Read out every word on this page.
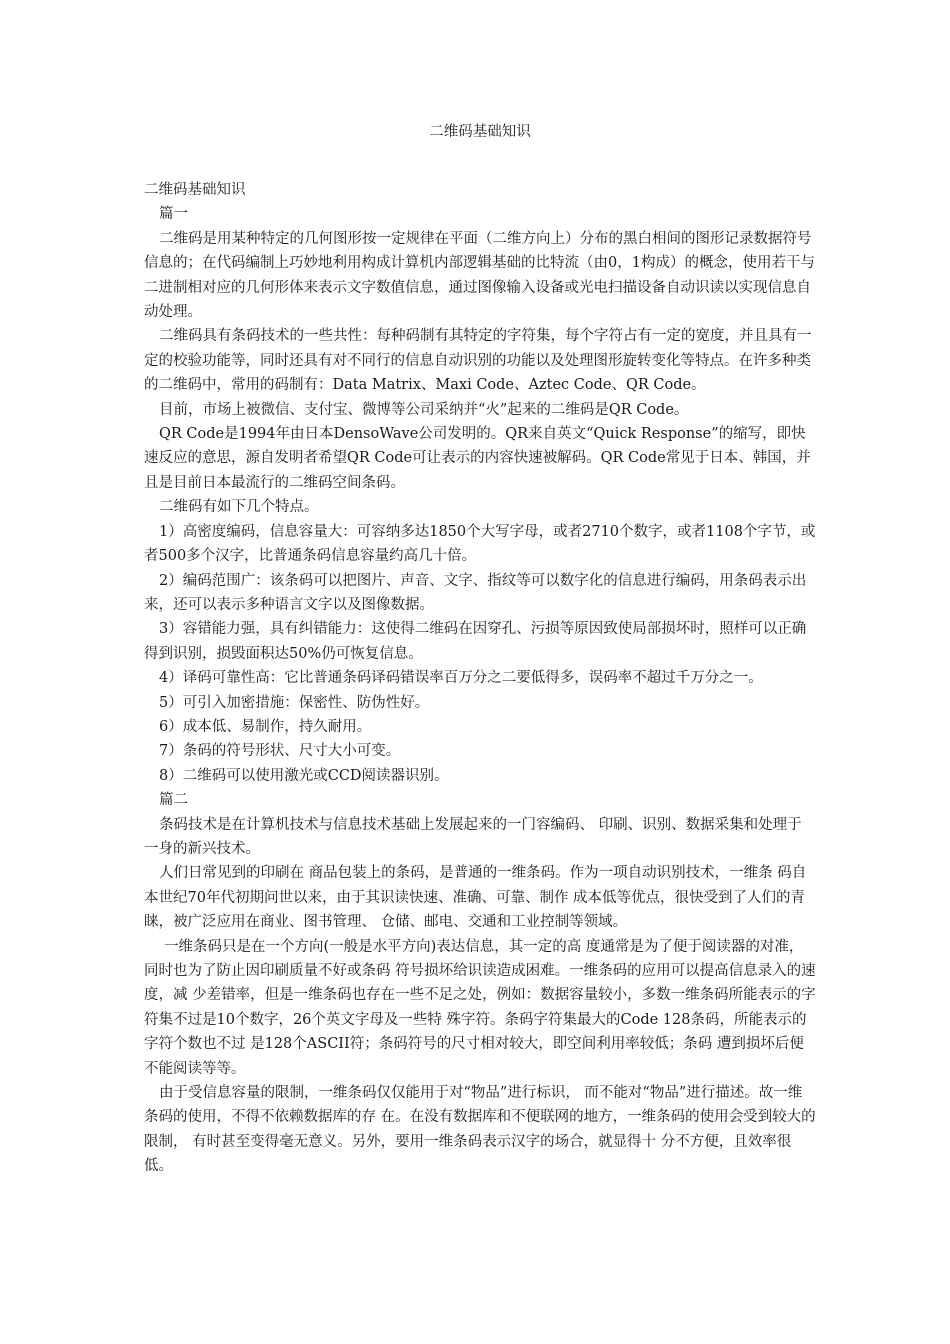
二维码基础知识

二维码基础知识

篇一

二维码是用某种特定的几何图形按一定规律在平面（二维方向上）分布的黑白相间的图形记录数据符号信息的；在代码编制上巧妙地利用构成计算机内部逻辑基础的比特流（由0，1构成）的概念，使用若干与二进制相对应的几何形体来表示文字数值信息，通过图像输入设备或光电扫描设备自动识读以实现信息自动处理。

二维码具有条码技术的一些共性：每种码制有其特定的字符集，每个字符占有一定的宽度，并且具有一定的校验功能等，同时还具有对不同行的信息自动识别的功能以及处理图形旋转变化等特点。在许多种类的二维码中，常用的码制有：Data Matrix、Maxi Code、Aztec Code、QR Code。

目前，市场上被微信、支付宝、微博等公司采纳并“火”起来的二维码是QR Code。

QR Code是1994年由日本DensoWave公司发明的。QR来自英文“Quick Response”的缩写，即快速反应的意思，源自发明者希望QR Code可让表示的内容快速被解码。QR Code常见于日本、韩国，并且是目前日本最流行的二维码空间条码。

二维码有如下几个特点。

1）高密度编码，信息容量大：可容纳多达1850个大写字母，或者2710个数字，或者1108个字节，或者500多个汉字，比普通条码信息容量约高几十倍。

2）编码范围广：该条码可以把图片、声音、文字、指纹等可以数字化的信息进行编码，用条码表示出来，还可以表示多种语言文字以及图像数据。

3）容错能力强，具有纠错能力：这使得二维码在因穿孔、污损等原因致使局部损坏时，照样可以正确得到识别，损毁面积达50%仍可恢复信息。

4）译码可靠性高：它比普通条码译码错误率百万分之二要低得多，误码率不超过千万分之一。

5）可引入加密措施：保密性、防伪性好。

6）成本低、易制作，持久耐用。

7）条码的符号形状、尺寸大小可变。

8）二维码可以使用激光或CCD阅读器识别。

篇二

条码技术是在计算机技术与信息技术基础上发展起来的一门容编码、 印刷、识别、数据采集和处理于一身的新兴技术。

人们日常见到的印刷在 商品包装上的条码，是普通的一维条码。作为一项自动识别技术，一维条 码自本世纪70年代初期问世以来，由于其识读快速、准确、可靠、制作 成本低等优点，很快受到了人们的青睐，被广泛应用在商业、图书管理、 仓储、邮电、交通和工业控制等领域。

一维条码只是在一个方向(一般是水平方向)表达信息，其一定的高 度通常是为了便于阅读器的对准，同时也为了防止因印刷质量不好或条码 符号损坏给识读造成困难。一维条码的应用可以提高信息录入的速度，减 少差错率，但是一维条码也存在一些不足之处，例如：数据容量较小，多数一维条码所能表示的字符集不过是10个数字，26个英文字母及一些特 殊字符。条码字符集最大的Code 128条码，所能表示的字符个数也不过 是128个ASCII符；条码符号的尺寸相对较大，即空间利用率较低；条码 遭到损坏后便不能阅读等等。

由于受信息容量的限制，一维条码仅仅能用于对“物品”进行标识， 而不能对“物品”进行描述。故一维条码的使用，不得不依赖数据库的存 在。在没有数据库和不便联网的地方，一维条码的使用会受到较大的限制， 有时甚至变得毫无意义。另外，要用一维条码表示汉字的场合，就显得十 分不方便，且效率很低。
